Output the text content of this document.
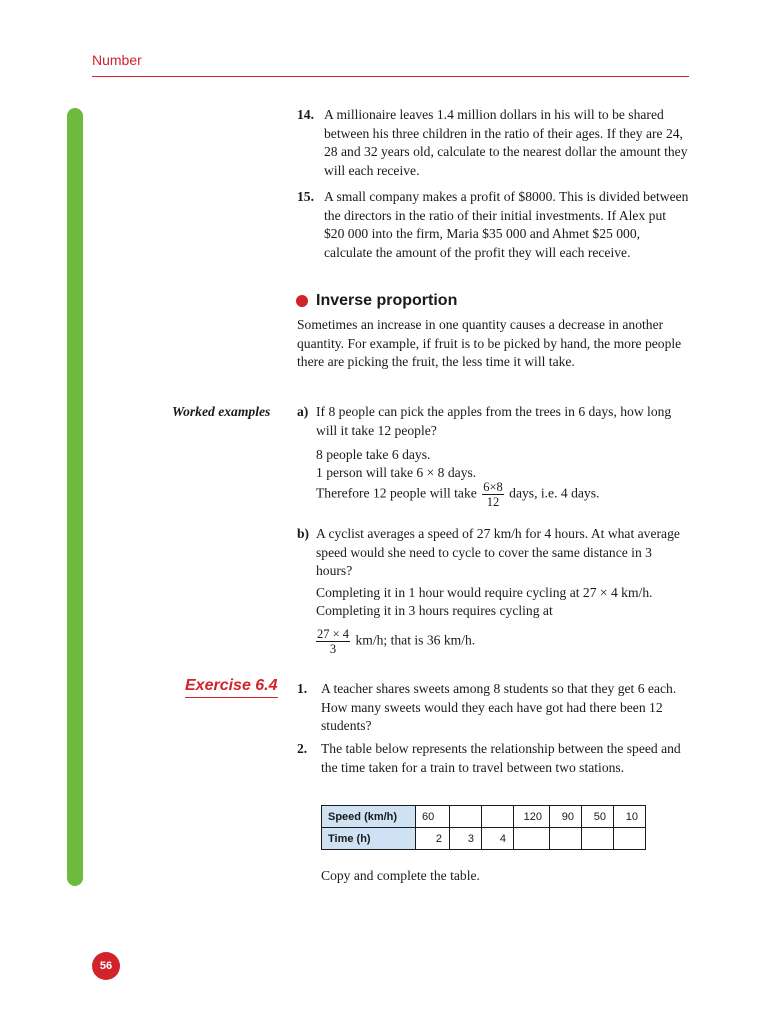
Number
14. A millionaire leaves 1.4 million dollars in his will to be shared between his three children in the ratio of their ages. If they are 24, 28 and 32 years old, calculate to the nearest dollar the amount they will each receive.
15. A small company makes a profit of $8000. This is divided between the directors in the ratio of their initial investments. If Alex put $20 000 into the firm, Maria $35 000 and Ahmet $25 000, calculate the amount of the profit they will each receive.
Inverse proportion
Sometimes an increase in one quantity causes a decrease in another quantity. For example, if fruit is to be picked by hand, the more people there are picking the fruit, the less time it will take.
Worked examples a) If 8 people can pick the apples from the trees in 6 days, how long will it take 12 people?
8 people take 6 days.
1 person will take 6 × 8 days.
Therefore 12 people will take $\frac{6\times 8}{12}$ days, i.e. 4 days.
b) A cyclist averages a speed of 27 km/h for 4 hours. At what average speed would she need to cycle to cover the same distance in 3 hours?
Completing it in 1 hour would require cycling at 27 × 4 km/h.
Completing it in 3 hours requires cycling at
$\frac{27 \times 4}{3} km/h$; that is 36 km/h.
Exercise 6.4 1. A teacher shares sweets among 8 students so that they get 6 each. How many sweets would they each have got had there been 12 students?
2. The table below represents the relationship between the speed and the time taken for a train to travel between two stations.
Speed (km/h)	60			120	90	50	10
Time (h)	2	3	4				
Copy and complete the table.
56
